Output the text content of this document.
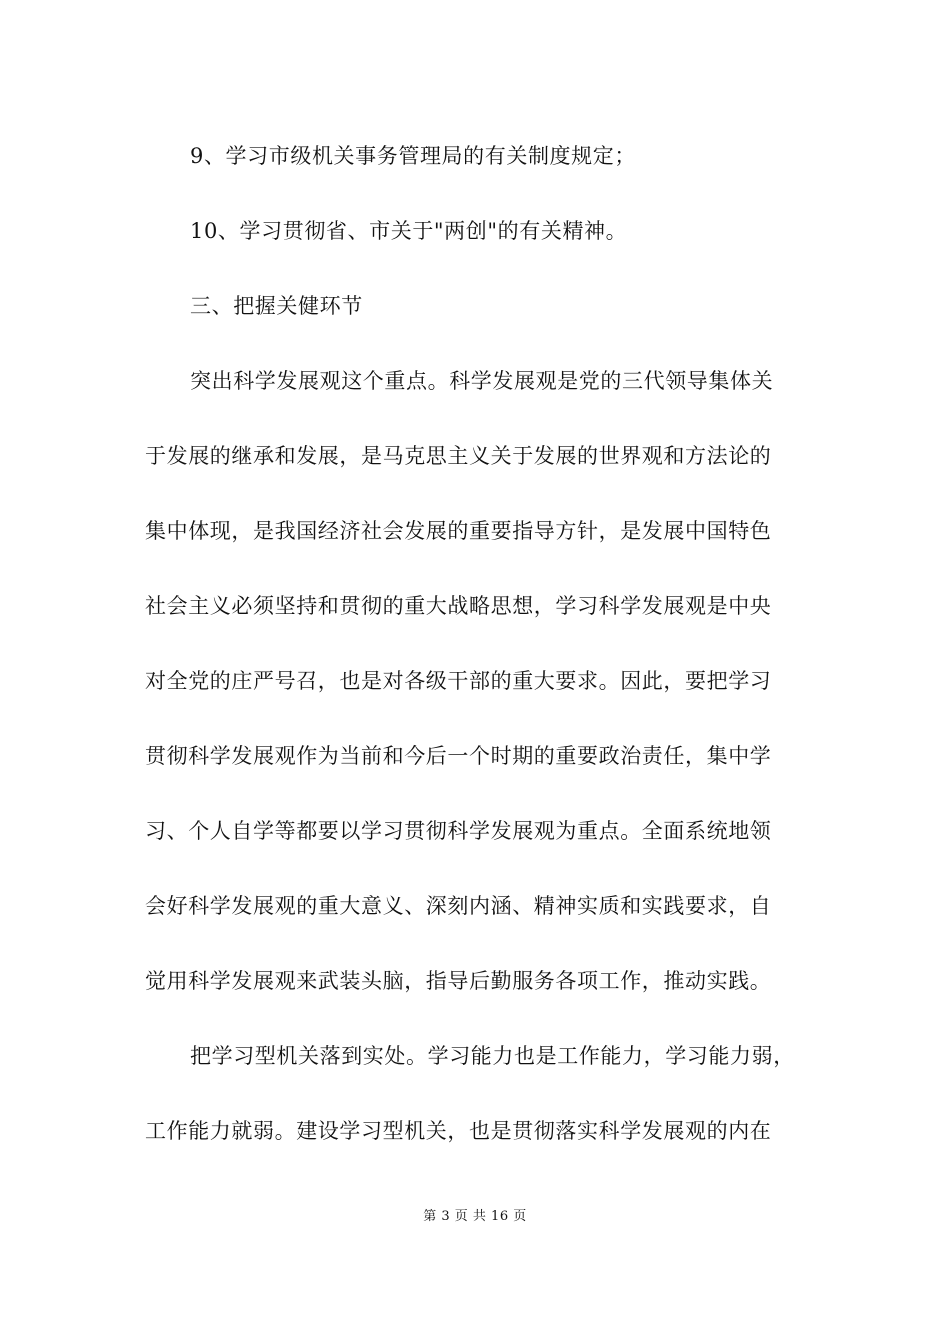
9、学习市级机关事务管理局的有关制度规定；
10、学习贯彻省、市关于"两创"的有关精神。
三、把握关健环节
突出科学发展观这个重点。科学发展观是党的三代领导集体关
于发展的继承和发展，是马克思主义关于发展的世界观和方法论的
集中体现，是我国经济社会发展的重要指导方针，是发展中国特色
社会主义必须坚持和贯彻的重大战略思想，学习科学发展观是中央
对全党的庄严号召，也是对各级干部的重大要求。因此，要把学习
贯彻科学发展观作为当前和今后一个时期的重要政治责任，集中学
习、个人自学等都要以学习贯彻科学发展观为重点。全面系统地领
会好科学发展观的重大意义、深刻内涵、精神实质和实践要求，自
觉用科学发展观来武装头脑，指导后勤服务各项工作，推动实践。
把学习型机关落到实处。学习能力也是工作能力，学习能力弱，
工作能力就弱。建设学习型机关，也是贯彻落实科学发展观的内在
第 3 页 共 16 页
